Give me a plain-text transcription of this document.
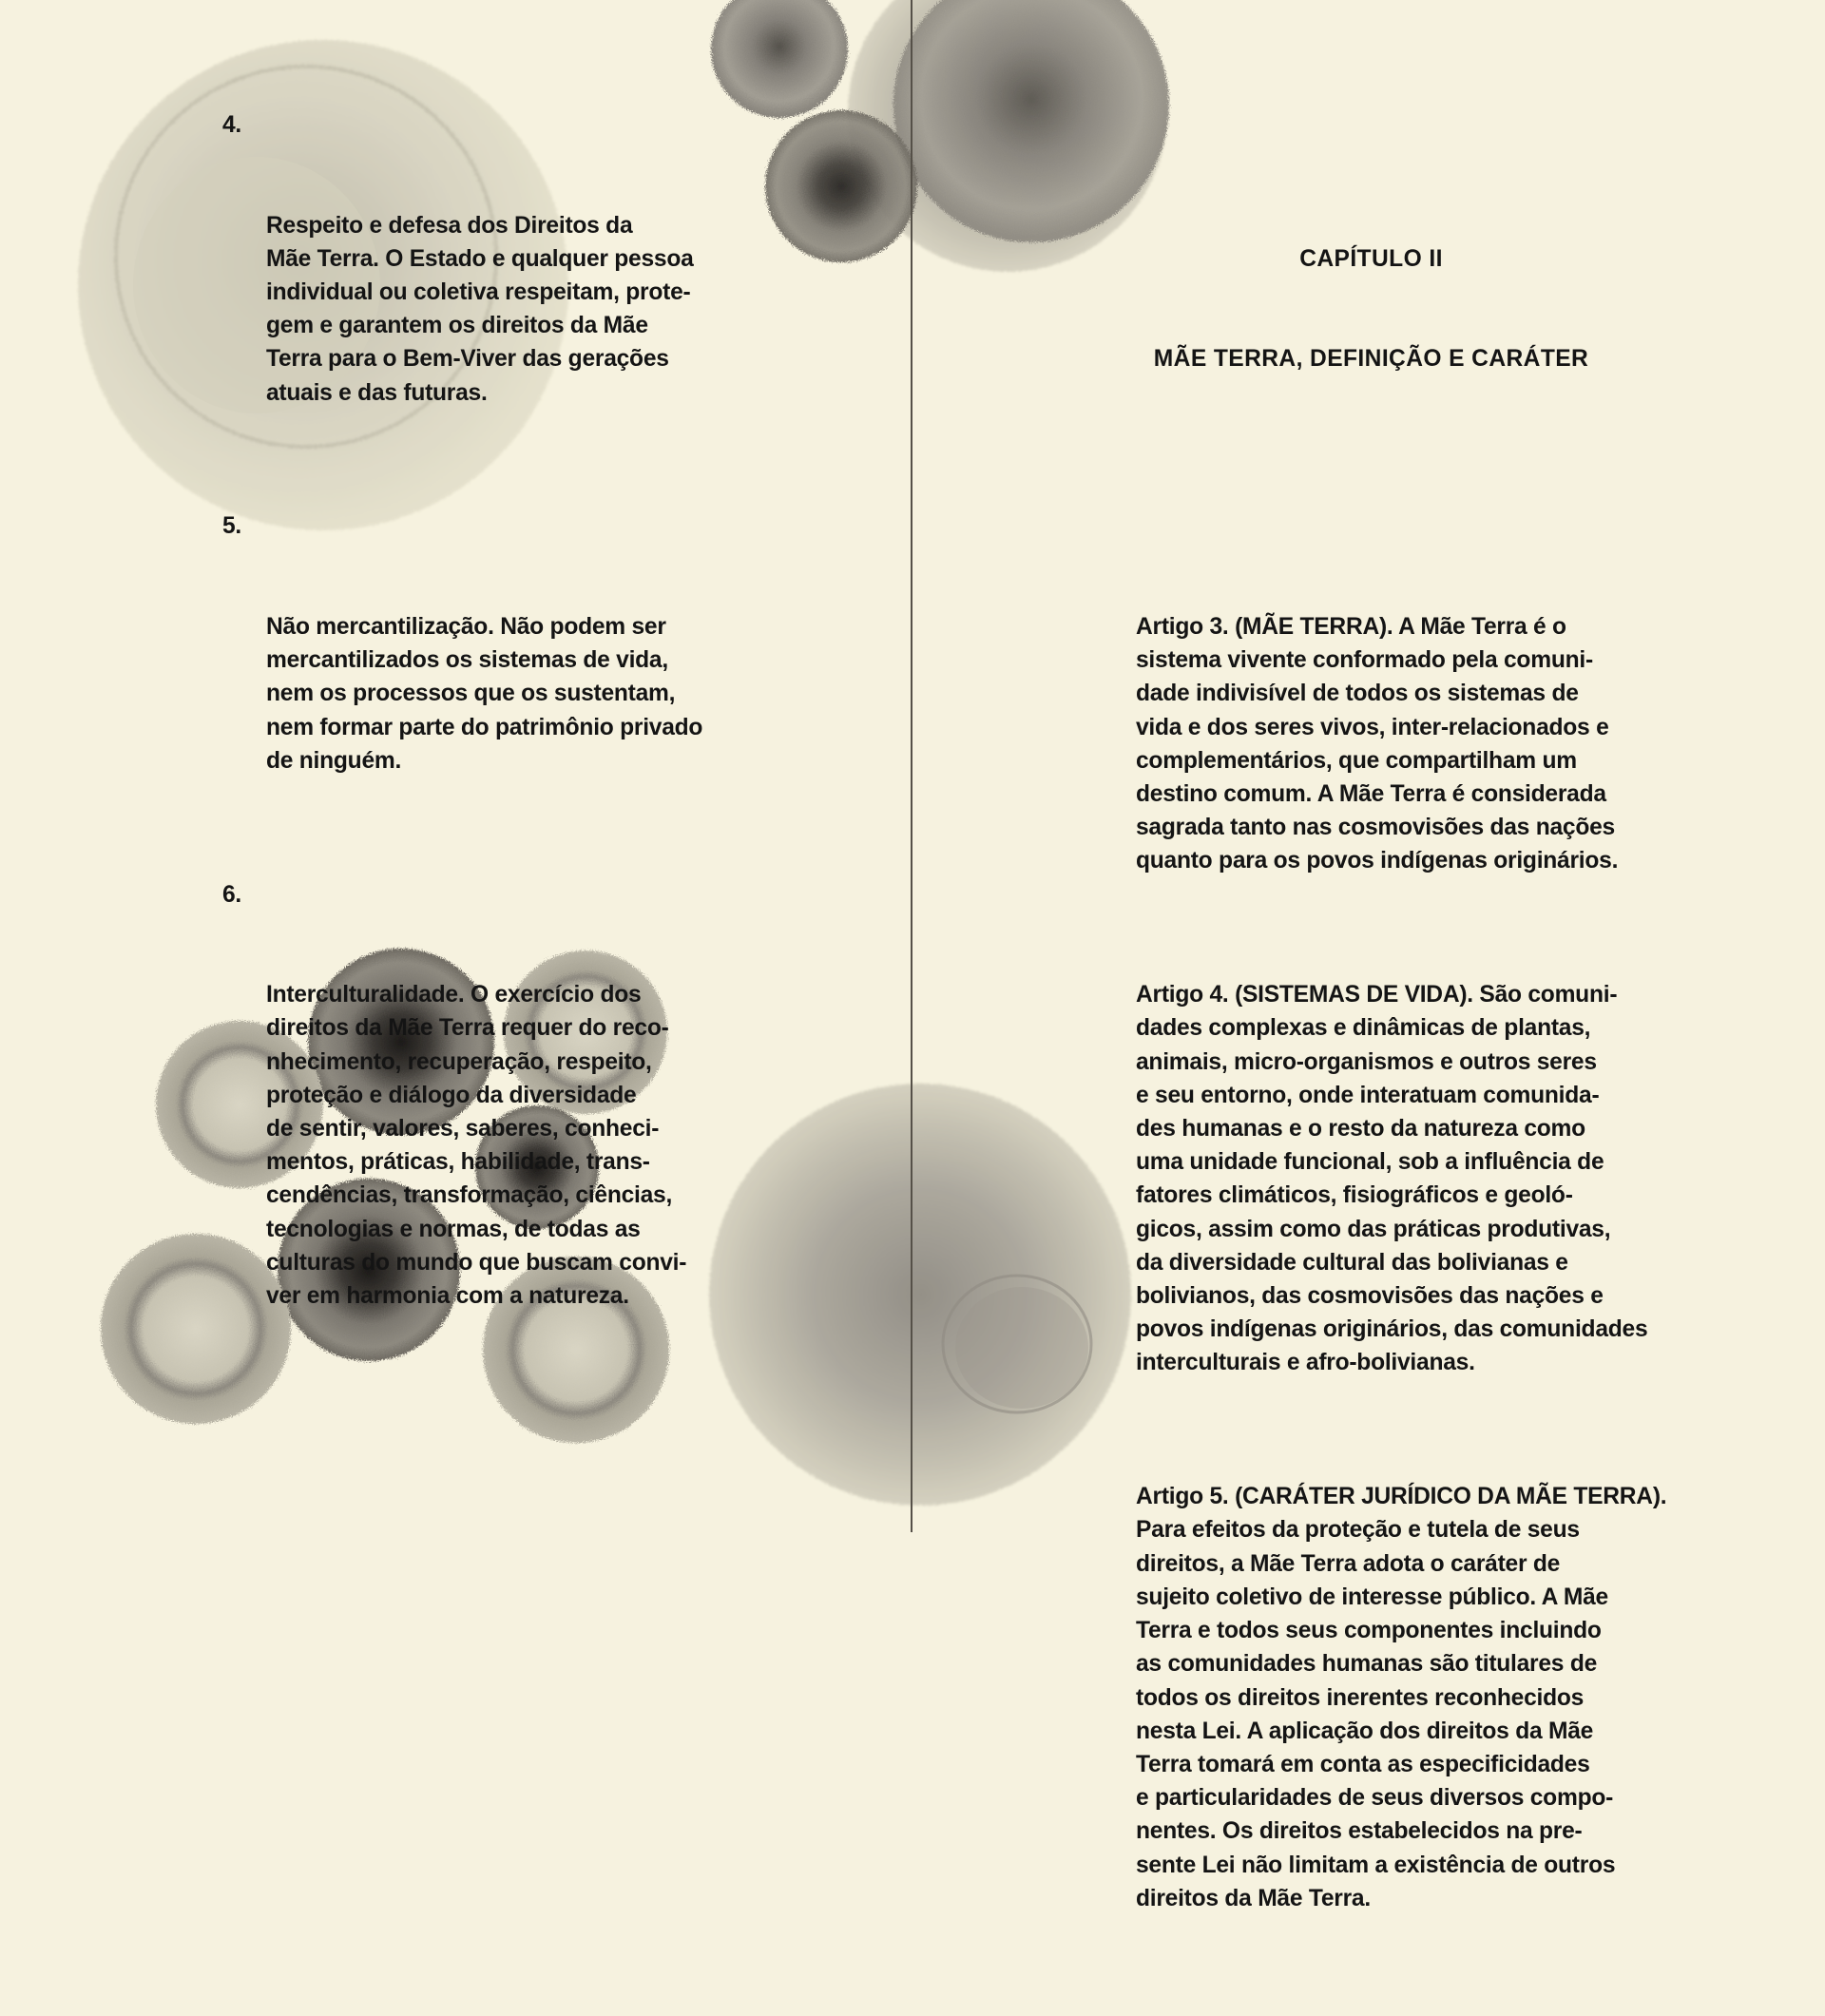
4.

Respeito e defesa dos Direitos da
Mãe Terra. O Estado e qualquer pessoa
individual ou coletiva respeitam, prote-
gem e garantem os direitos da Mãe
Terra para o Bem-Viver das gerações
atuais e das futuras.

5.

Não mercantilização. Não podem ser
mercantilizados os sistemas de vida,
nem os processos que os sustentam,
nem formar parte do patrimônio privado
de ninguém.

6.

Interculturalidade. O exercício dos
direitos da Mãe Terra requer do reco-
nhecimento, recuperação, respeito,
proteção e diálogo da diversidade
de sentir, valores, saberes, conheci-
mentos, práticas, habilidade, trans-
cendências, transformação, ciências,
tecnologias e normas, de todas as
culturas do mundo que buscam convi-
ver em harmonia com a natureza.

CAPÍTULO II

MÃE TERRA, DEFINIÇÃO E CARÁTER

Artigo 3. (MÃE TERRA). A Mãe Terra é o
sistema vivente conformado pela comuni-
dade indivisível de todos os sistemas de
vida e dos seres vivos, inter-relacionados e
complementários, que compartilham um
destino comum. A Mãe Terra é considerada
sagrada tanto nas cosmovisões das nações
quanto para os povos indígenas originários.

Artigo 4. (SISTEMAS DE VIDA). São comuni-
dades complexas e dinâmicas de plantas,
animais, micro-organismos e outros seres
e seu entorno, onde interatuam comunida-
des humanas e o resto da natureza como
uma unidade funcional, sob a influência de
fatores climáticos, fisiográficos e geoló-
gicos, assim como das práticas produtivas,
da diversidade cultural das bolivianas e
bolivianos, das cosmovisões das nações e
povos indígenas originários, das comunidades
interculturais e afro-bolivianas.

Artigo 5. (CARÁTER JURÍDICO DA MÃE TERRA).
Para efeitos da proteção e tutela de seus
direitos, a Mãe Terra adota o caráter de
sujeito coletivo de interesse público. A Mãe
Terra e todos seus componentes incluindo
as comunidades humanas são titulares de
todos os direitos inerentes reconhecidos
nesta Lei. A aplicação dos direitos da Mãe
Terra tomará em conta as especificidades
e particularidades de seus diversos compo-
nentes. Os direitos estabelecidos na pre-
sente Lei não limitam a existência de outros
direitos da Mãe Terra.
